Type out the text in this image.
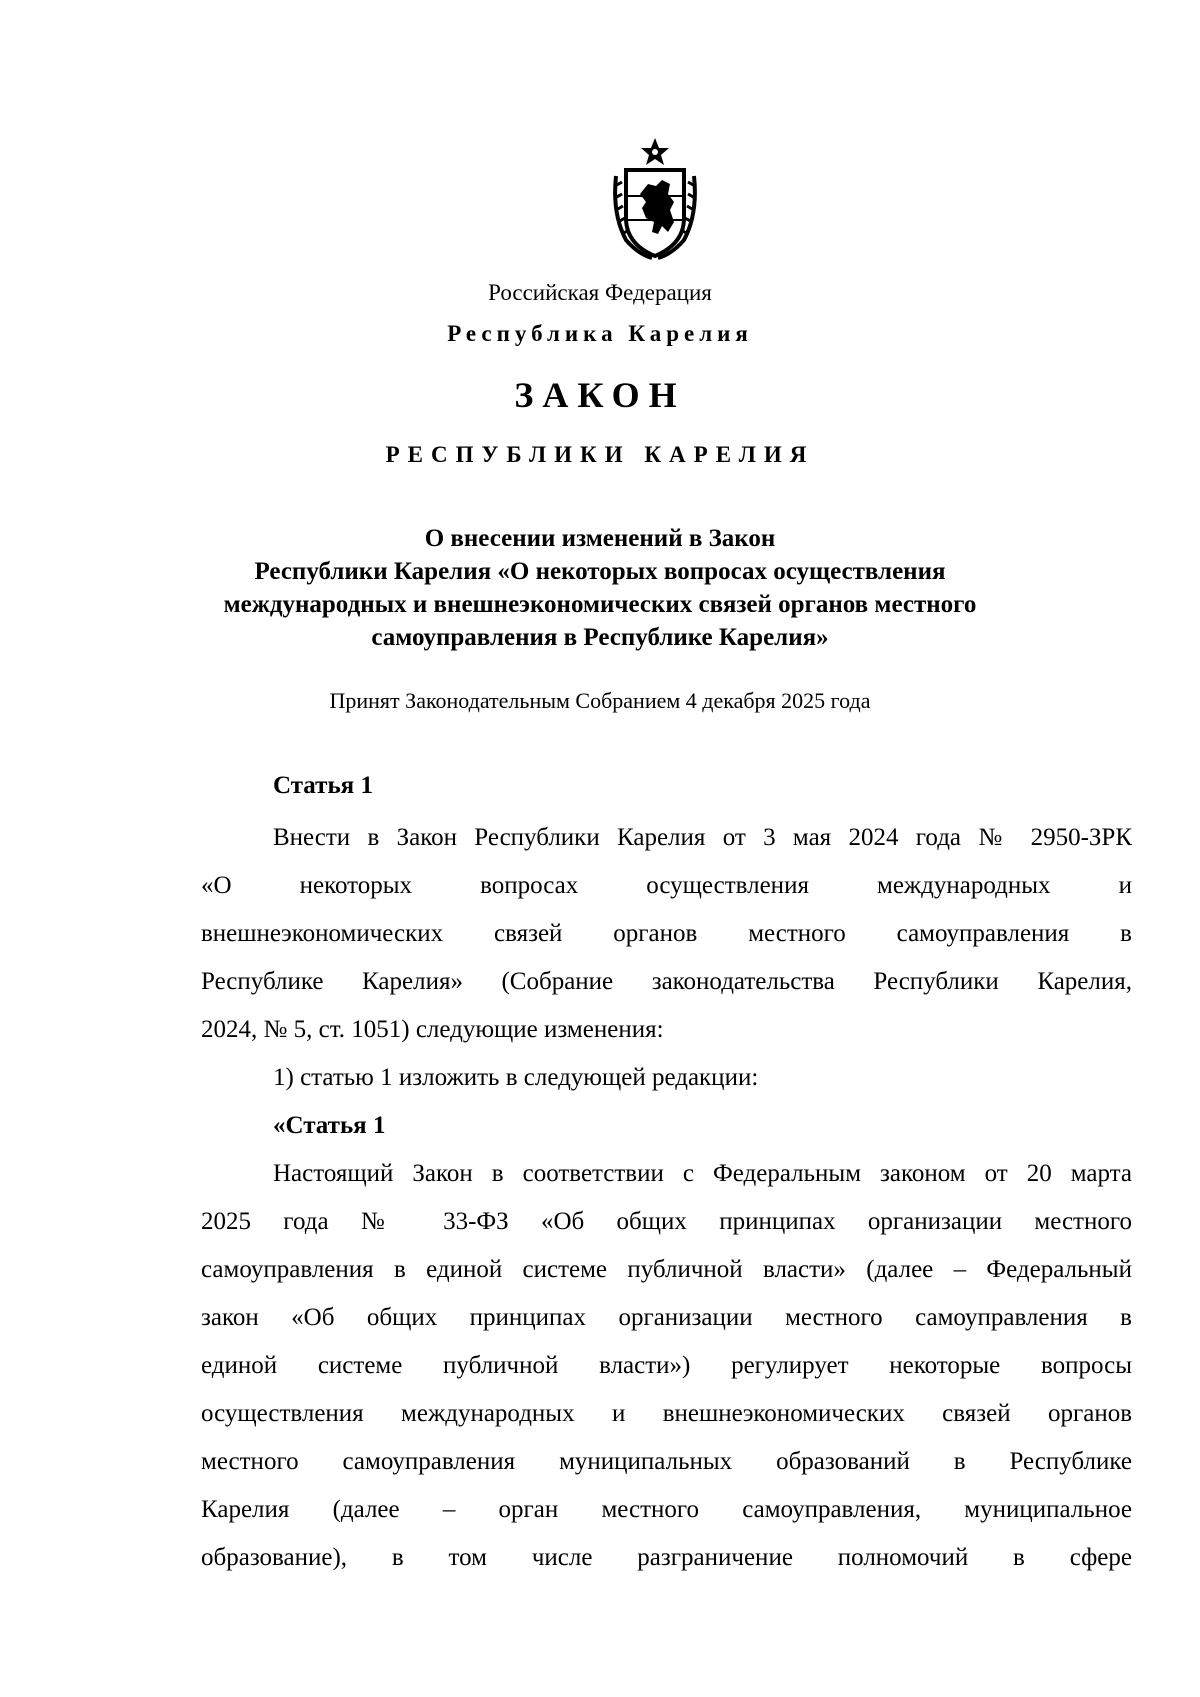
Российская Федерация
Республика Карелия
ЗАКОН
РЕСПУБЛИКИ КАРЕЛИЯ
О внесении изменений в Закон
Республики Карелия «О некоторых вопросах осуществления
международных и внешнеэкономических связей органов местного
самоуправления в Республике Карелия»
Принят Законодательным Собранием 4 декабря 2025 года
Статья 1
Внести в Закон Республики Карелия от 3 мая 2024 года № 2950-ЗРК
«О некоторых вопросах осуществления международных и
внешнеэкономических связей органов местного самоуправления в
Республике Карелия» (Собрание законодательства Республики Карелия,
2024, № 5, ст. 1051) следующие изменения:
1) статью 1 изложить в следующей редакции:
«Статья 1
Настоящий Закон в соответствии с Федеральным законом от 20 марта
2025 года № 33-ФЗ «Об общих принципах организации местного
самоуправления в единой системе публичной власти» (далее – Федеральный
закон «Об общих принципах организации местного самоуправления в
единой системе публичной власти») регулирует некоторые вопросы
осуществления международных и внешнеэкономических связей органов
местного самоуправления муниципальных образований в Республике
Карелия (далее – орган местного самоуправления, муниципальное
образование), в том числе разграничение полномочий в сфере
